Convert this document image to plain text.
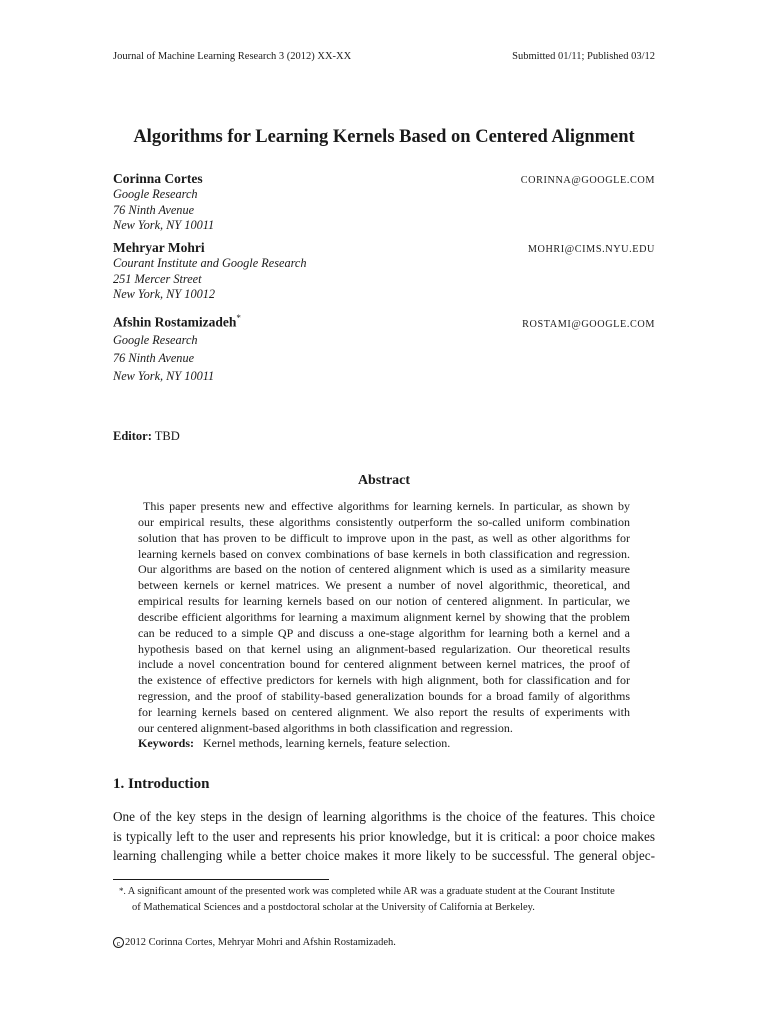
Journal of Machine Learning Research 3 (2012) XX-XX	Submitted 01/11; Published 03/12
Algorithms for Learning Kernels Based on Centered Alignment
Corinna Cortes	CORINNA@GOOGLE.COM
Google Research
76 Ninth Avenue
New York, NY 10011
Mehryar Mohri	MOHRI@CIMS.NYU.EDU
Courant Institute and Google Research
251 Mercer Street
New York, NY 10012
Afshin Rostamizadeh*
ROSTAMI@GOOGLE.COM
Google Research
76 Ninth Avenue
New York, NY 10011
Editor: TBD
Abstract
This paper presents new and effective algorithms for learning kernels. In particular, as shown by
our empirical results, these algorithms consistently outperform the so-called uniform combination
solution that has proven to be difficult to improve upon in the past, as well as other algorithms for
learning kernels based on convex combinations of base kernels in both classification and regression.
Our algorithms are based on the notion of centered alignment which is used as a similarity measure
between kernels or kernel matrices. We present a number of novel algorithmic, theoretical, and
empirical results for learning kernels based on our notion of centered alignment. In particular, we
describe efficient algorithms for learning a maximum alignment kernel by showing that the problem
can be reduced to a simple QP and discuss a one-stage algorithm for learning both a kernel and a
hypothesis based on that kernel using an alignment-based regularization. Our theoretical results
include a novel concentration bound for centered alignment between kernel matrices, the proof of
the existence of effective predictors for kernels with high alignment, both for classification and for
regression, and the proof of stability-based generalization bounds for a broad family of algorithms
for learning kernels based on centered alignment. We also report the results of experiments with
our centered alignment-based algorithms in both classification and regression.
Keywords: Kernel methods, learning kernels, feature selection.
1. Introduction
One of the key steps in the design of learning algorithms is the choice of the features. This choice
is typically left to the user and represents his prior knowledge, but it is critical: a poor choice makes
learning challenging while a better choice makes it more likely to be successful. The general objec-
*. A significant amount of the presented work was completed while AR was a graduate student at the Courant Institute
of Mathematical Sciences and a postdoctoral scholar at the University of California at Berkeley.
c 2012 Corinna Cortes, Mehryar Mohri and Afshin Rostamizadeh.
